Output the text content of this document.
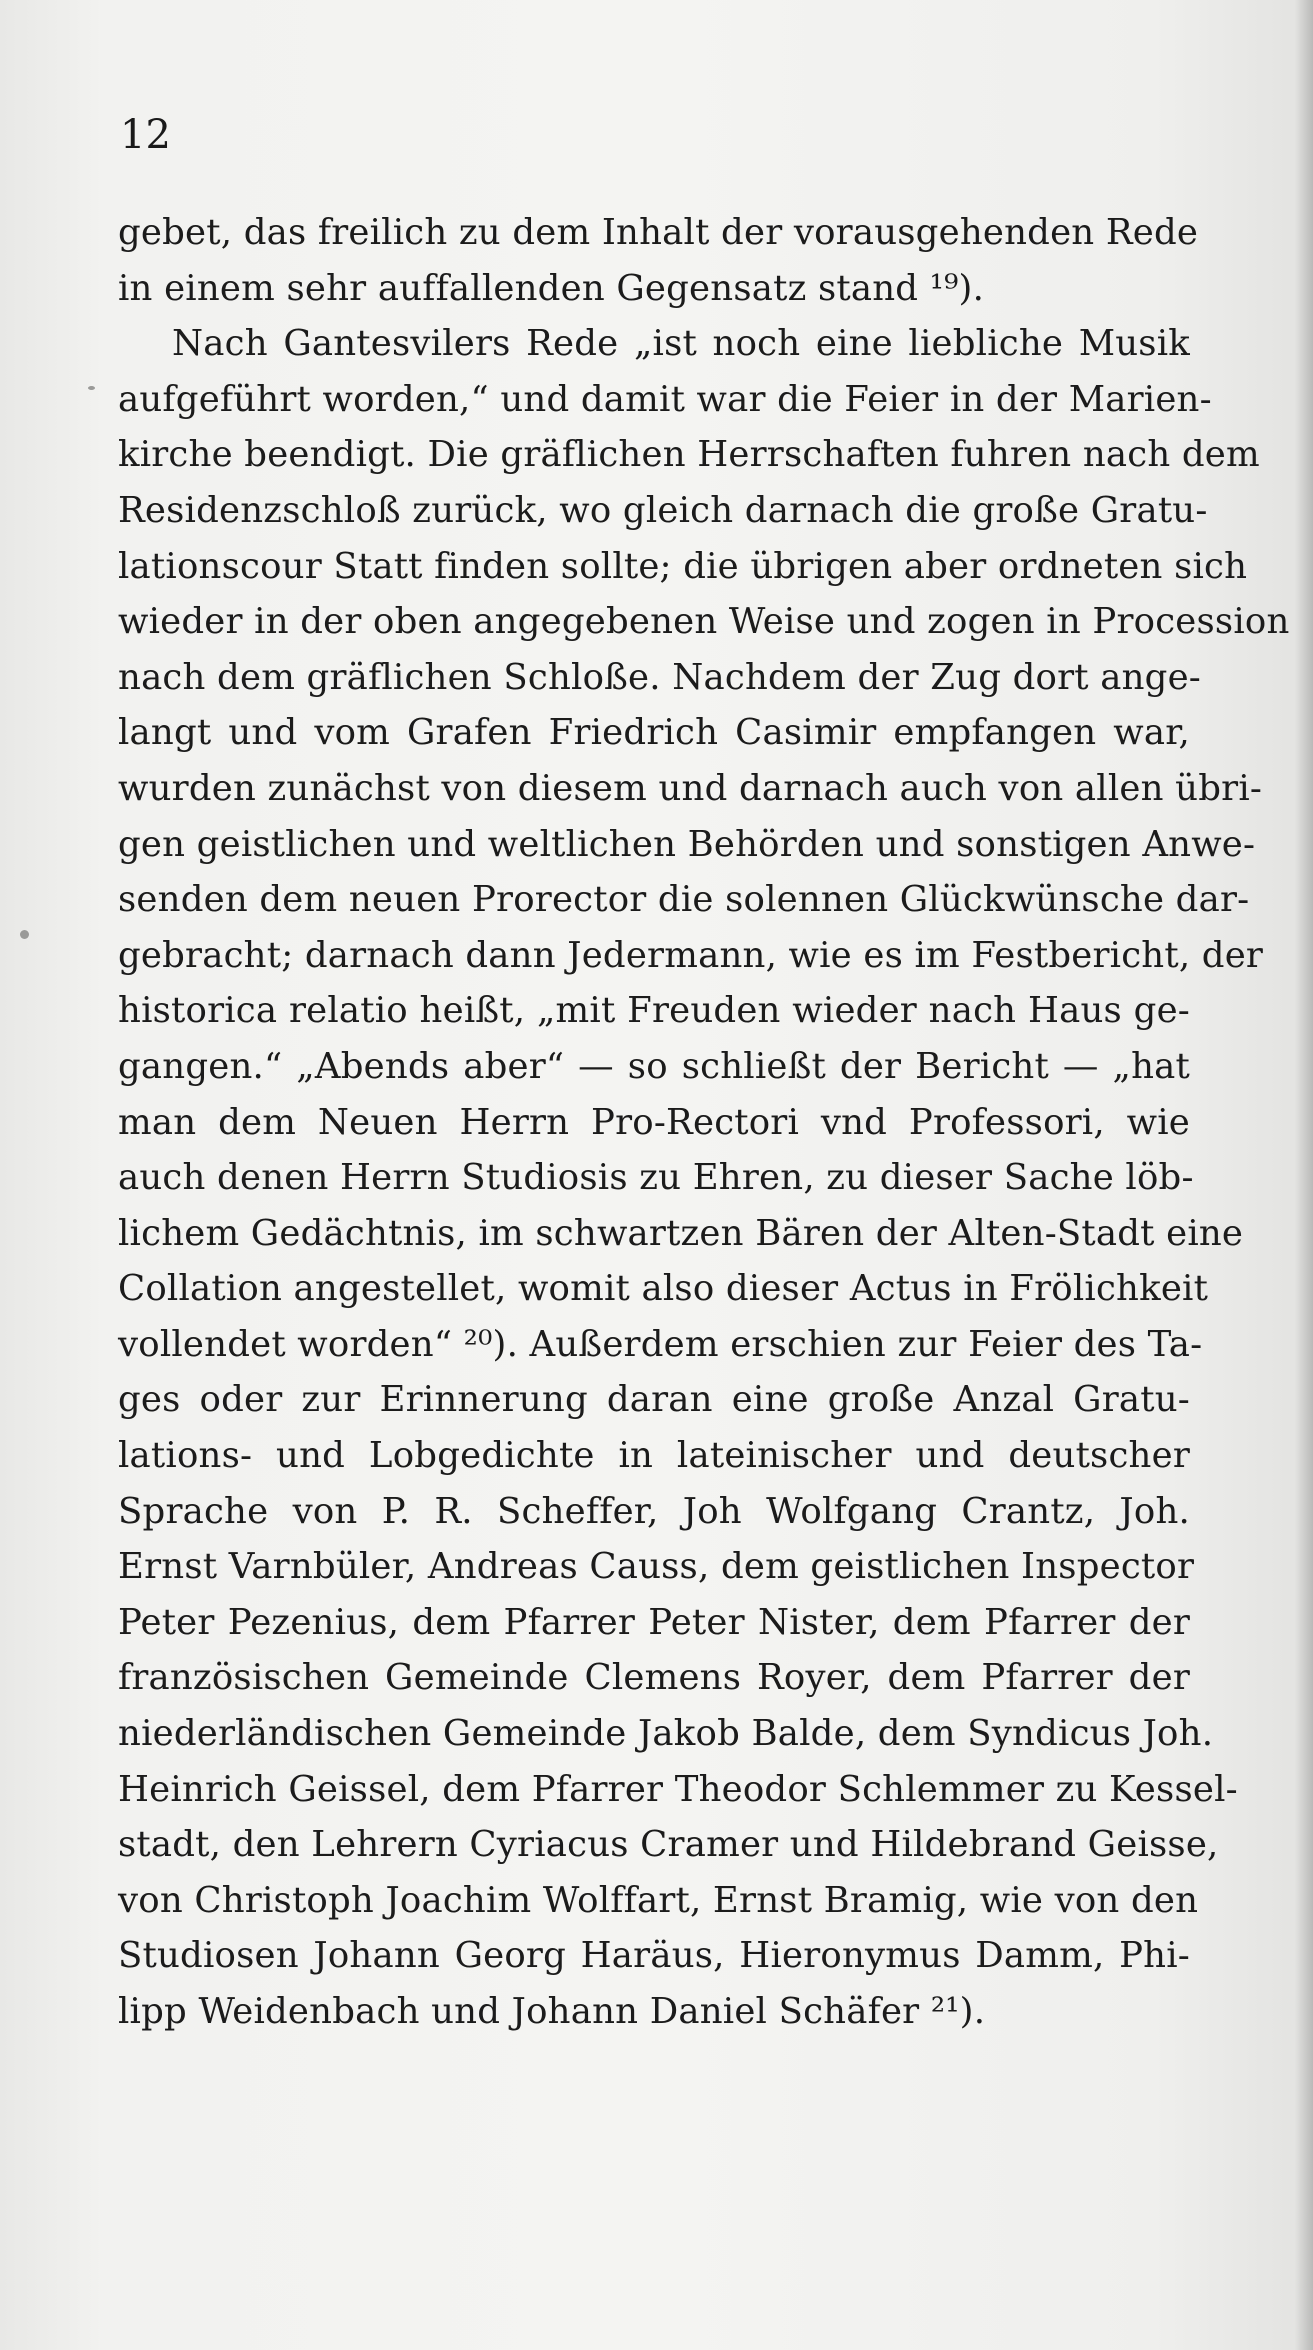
12
gebet, das freilich zu dem Inhalt der vorausgehenden Rede
in einem sehr auffallenden Gegensatz stand ¹⁹).
Nach Gantesvilers Rede „ist noch eine liebliche Musik
aufgeführt worden,“ und damit war die Feier in der Marien-
kirche beendigt. Die gräflichen Herrschaften fuhren nach dem
Residenzschloß zurück, wo gleich darnach die große Gratu-
lationscour Statt finden sollte; die übrigen aber ordneten sich
wieder in der oben angegebenen Weise und zogen in Procession
nach dem gräflichen Schloße. Nachdem der Zug dort ange-
langt und vom Grafen Friedrich Casimir empfangen war,
wurden zunächst von diesem und darnach auch von allen übri-
gen geistlichen und weltlichen Behörden und sonstigen Anwe-
senden dem neuen Prorector die solennen Glückwünsche dar-
gebracht; darnach dann Jedermann, wie es im Festbericht, der
historica relatio heißt, „mit Freuden wieder nach Haus ge-
gangen.“ „Abends aber“ — so schließt der Bericht — „hat
man dem Neuen Herrn Pro-Rectori vnd Professori, wie
auch denen Herrn Studiosis zu Ehren, zu dieser Sache löb-
lichem Gedächtnis, im schwartzen Bären der Alten-Stadt eine
Collation angestellet, womit also dieser Actus in Frölichkeit
vollendet worden“ ²⁰). Außerdem erschien zur Feier des Ta-
ges oder zur Erinnerung daran eine große Anzal Gratu-
lations- und Lobgedichte in lateinischer und deutscher
Sprache von P. R. Scheffer, Joh Wolfgang Crantz, Joh.
Ernst Varnbüler, Andreas Causs, dem geistlichen Inspector
Peter Pezenius, dem Pfarrer Peter Nister, dem Pfarrer der
französischen Gemeinde Clemens Royer, dem Pfarrer der
niederländischen Gemeinde Jakob Balde, dem Syndicus Joh.
Heinrich Geissel, dem Pfarrer Theodor Schlemmer zu Kessel-
stadt, den Lehrern Cyriacus Cramer und Hildebrand Geisse,
von Christoph Joachim Wolffart, Ernst Bramig, wie von den
Studiosen Johann Georg Haräus, Hieronymus Damm, Phi-
lipp Weidenbach und Johann Daniel Schäfer ²¹).
